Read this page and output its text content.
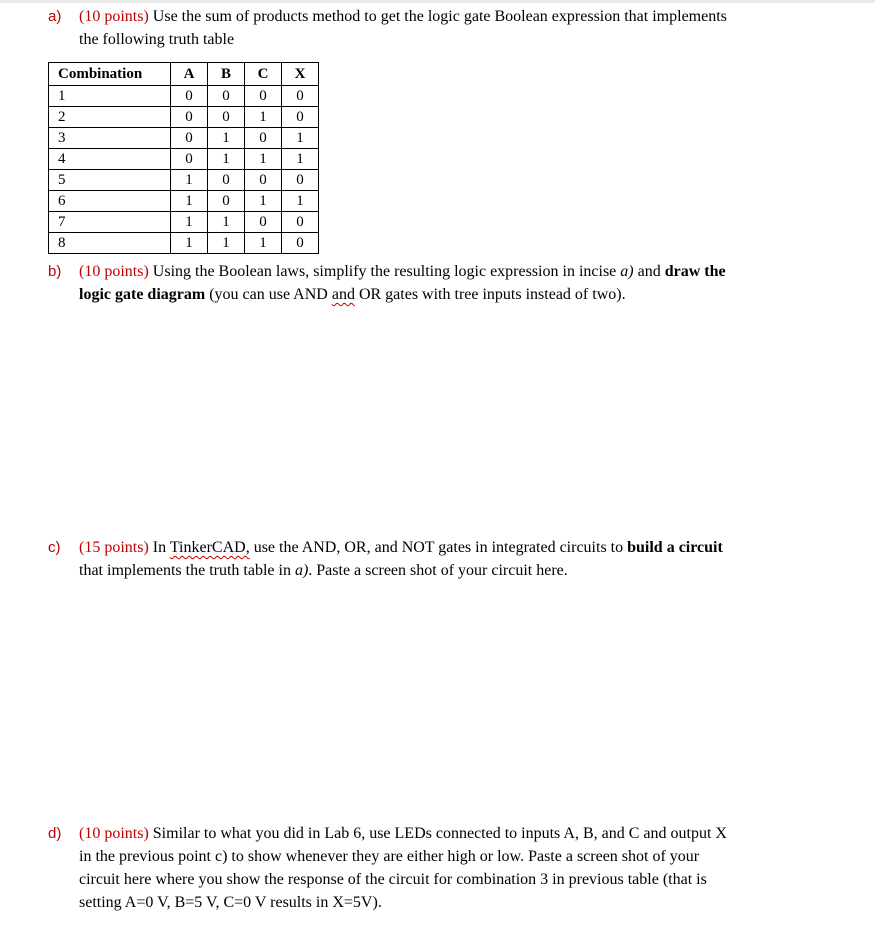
a) (10 points) Use the sum of products method to get the logic gate Boolean expression that implements
the following truth table
Combination	A	B	C	X
1	0	0	0	0
2	0	0	1	0
3	0	1	0	1
4	0	1	1	1
5	1	0	0	0
6	1	0	1	1
7	1	1	0	0
8	1	1	1	0
b) (10 points) Using the Boolean laws, simplify the resulting logic expression in incise a) and draw the
logic gate diagram (you can use AND and OR gates with tree inputs instead of two).
c) (15 points) In TinkerCAD, use the AND, OR, and NOT gates in integrated circuits to build a circuit
that implements the truth table in a). Paste a screen shot of your circuit here.
d) (10 points) Similar to what you did in Lab 6, use LEDs connected to inputs A, B, and C and output X
in the previous point c) to show whenever they are either high or low. Paste a screen shot of your
circuit here where you show the response of the circuit for combination 3 in previous table (that is
setting A=0 V, B=5 V, C=0 V results in X=5V).
